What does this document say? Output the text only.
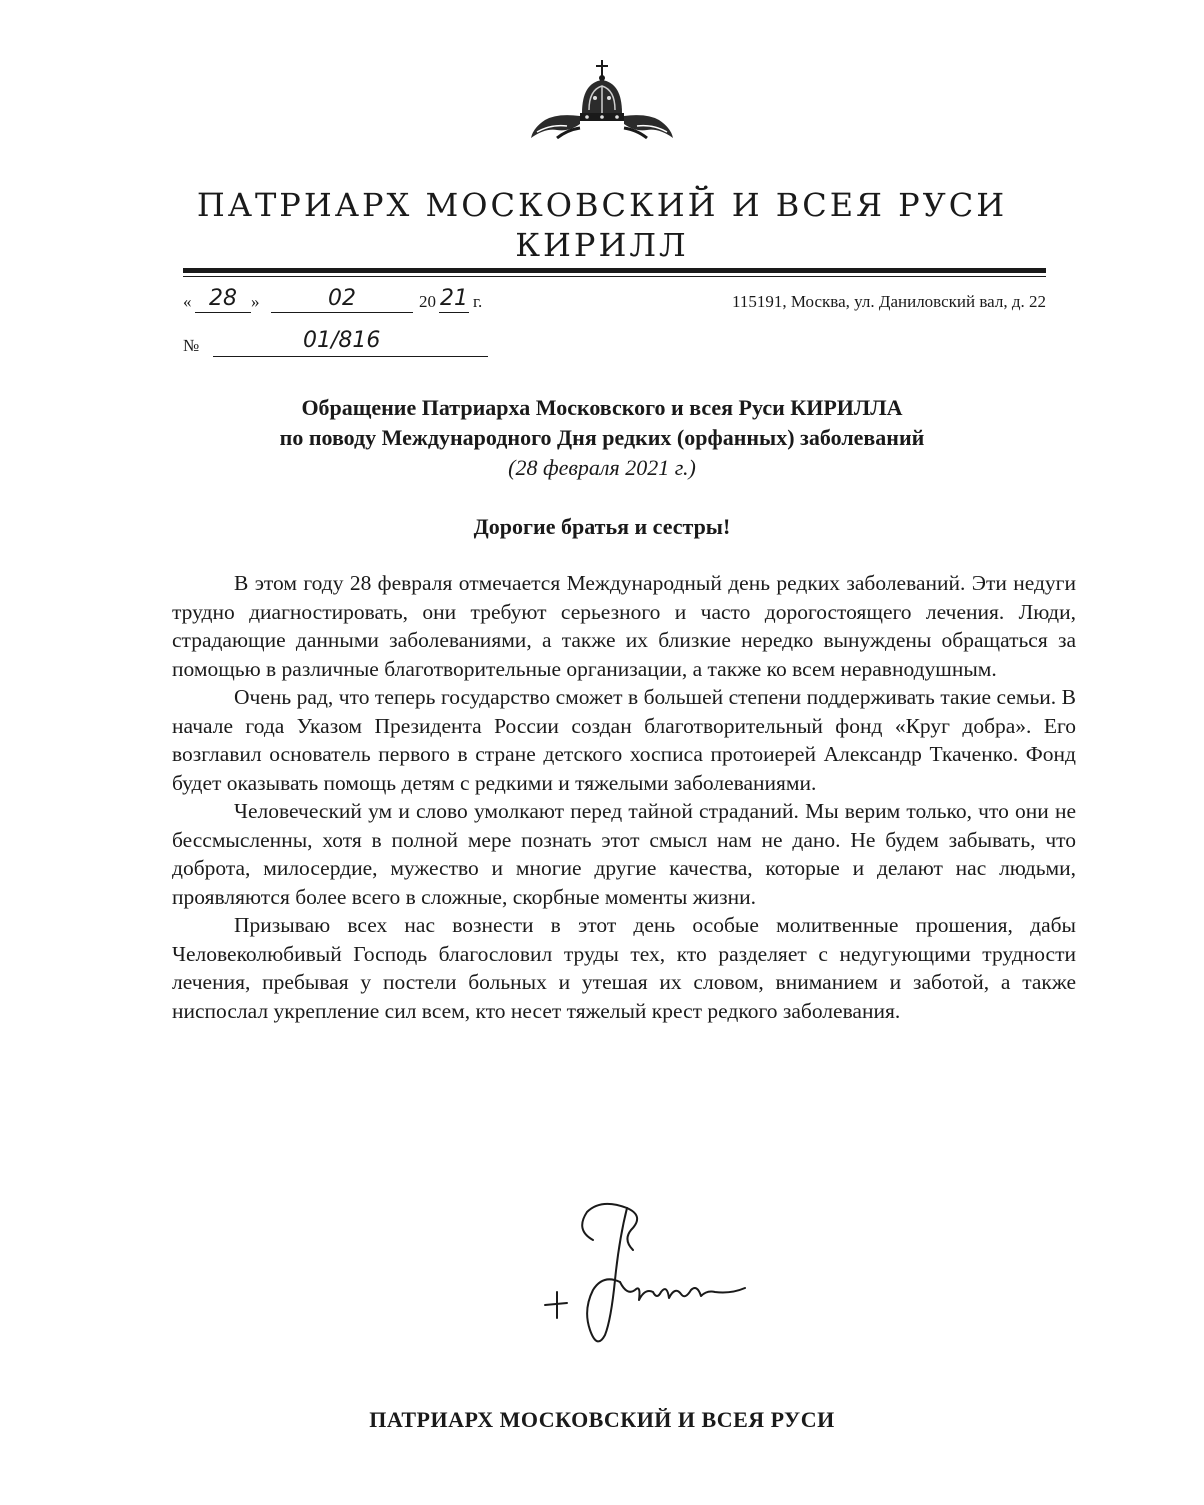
ПАТРИАРХ МОСКОВСКИЙ И ВСЕЯ РУСИ
КИРИЛЛ
« 28 »	02	20 21 г.	115191, Москва, ул. Даниловский вал, д. 22
№	01/816
Обращение Патриарха Московского и всея Руси КИРИЛЛА
по поводу Международного Дня редких (орфанных) заболеваний
(28 февраля 2021 г.)
Дорогие братья и сестры!

В этом году 28 февраля отмечается Международный день редких заболеваний. Эти недуги трудно диагностировать, они требуют серьезного и часто дорогостоящего лечения. Люди, страдающие данными заболеваниями, а также их близкие нередко вынуждены обращаться за помощью в различные благотворительные организации, а также ко всем неравнодушным.

Очень рад, что теперь государство сможет в большей степени поддерживать такие семьи. В начале года Указом Президента России создан благотворительный фонд «Круг добра». Его возглавил основатель первого в стране детского хосписа протоиерей Александр Ткаченко. Фонд будет оказывать помощь детям с редкими и тяжелыми заболеваниями.

Человеческий ум и слово умолкают перед тайной страданий. Мы верим только, что они не бессмысленны, хотя в полной мере познать этот смысл нам не дано. Не будем забывать, что доброта, милосердие, мужество и многие другие качества, которые и делают нас людьми, проявляются более всего в сложные, скорбные моменты жизни.

Призываю всех нас вознести в этот день особые молитвенные прошения, дабы Человеколюбивый Господь благословил труды тех, кто разделяет с недугующими трудности лечения, пребывая у постели больных и утешая их словом, вниманием и заботой, а также ниспослал укрепление сил всем, кто несет тяжелый крест редкого заболевания.

ПАТРИАРХ МОСКОВСКИЙ И ВСЕЯ РУСИ
